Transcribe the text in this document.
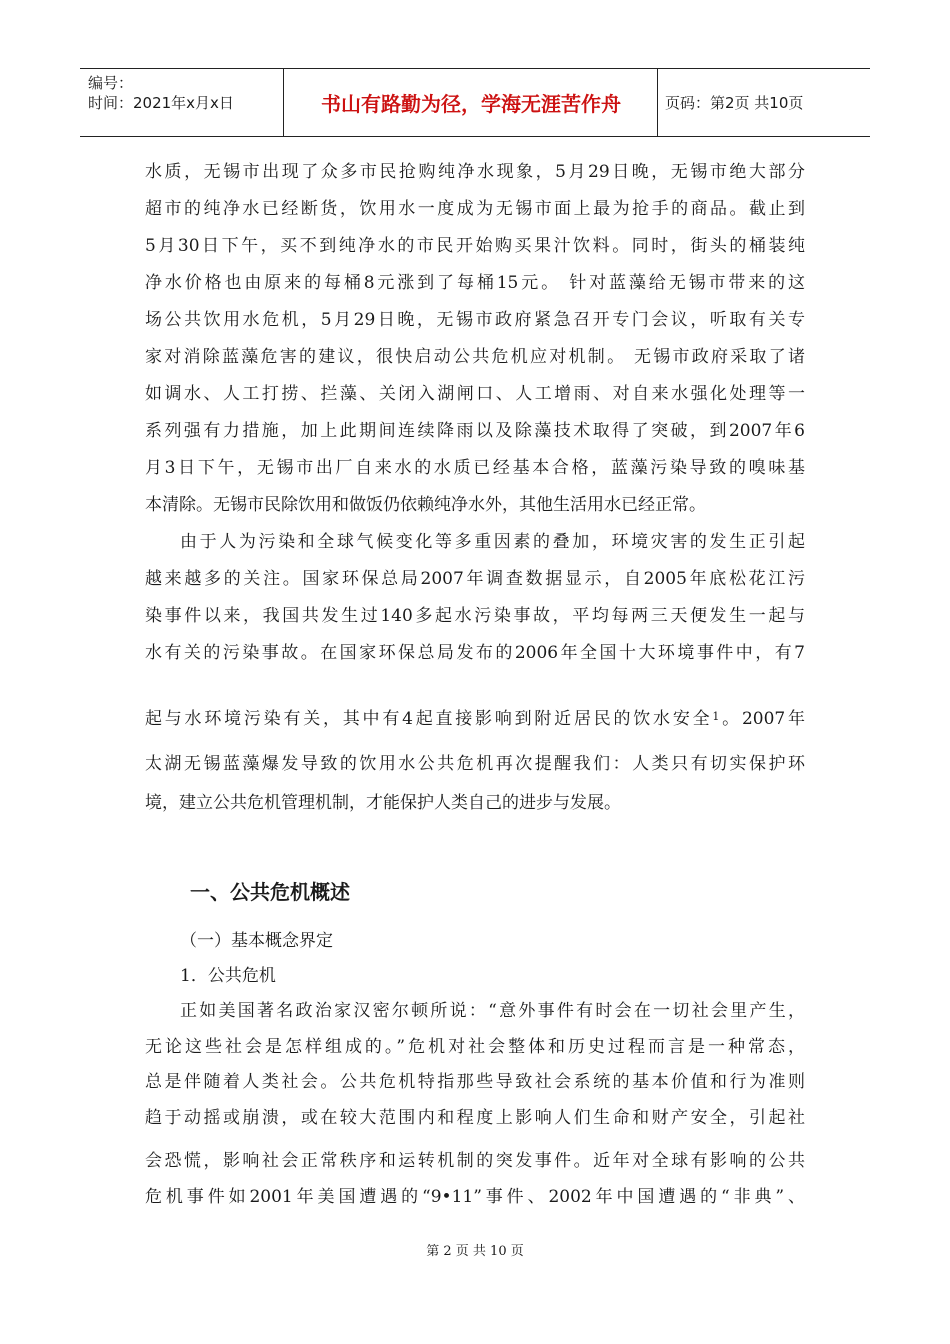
编号：
时间：2021年x月x日	书山有路勤为径，学海无涯苦作舟	页码：第2页 共10页
水质，无锡市出现了众多市民抢购纯净水现象，5月29日晚，无锡市绝大部分
超市的纯净水已经断货，饮用水一度成为无锡市面上最为抢手的商品。截止到
5月30日下午，买不到纯净水的市民开始购买果汁饮料。同时，街头的桶装纯
净水价格也由原来的每桶8元涨到了每桶15元。 针对蓝藻给无锡市带来的这
场公共饮用水危机，5月29日晚，无锡市政府紧急召开专门会议，听取有关专
家对消除蓝藻危害的建议，很快启动公共危机应对机制。 无锡市政府采取了诸
如调水、人工打捞、拦藻、关闭入湖闸口、人工增雨、对自来水强化处理等一
系列强有力措施，加上此期间连续降雨以及除藻技术取得了突破，到2007年6
月3日下午，无锡市出厂自来水的水质已经基本合格，蓝藻污染导致的嗅味基
本清除。无锡市民除饮用和做饭仍依赖纯净水外，其他生活用水已经正常。
由于人为污染和全球气候变化等多重因素的叠加，环境灾害的发生正引起
越来越多的关注。国家环保总局2007年调查数据显示，自2005年底松花江污
染事件以来，我国共发生过140多起水污染事故，平均每两三天便发生一起与
水有关的污染事故。在国家环保总局发布的2006年全国十大环境事件中，有7
起与水环境污染有关，其中有4起直接影响到附近居民的饮水安全$^1$。2007年
太湖无锡蓝藻爆发导致的饮用水公共危机再次提醒我们：人类只有切实保护环
境，建立公共危机管理机制，才能保护人类自己的进步与发展。
一、公共危机概述
（一）基本概念界定
1．公共危机
正如美国著名政治家汉密尔顿所说：“意外事件有时会在一切社会里产生，
无论这些社会是怎样组成的。”危机对社会整体和历史过程而言是一种常态，
总是伴随着人类社会。公共危机特指那些导致社会系统的基本价值和行为准则
趋于动摇或崩溃，或在较大范围内和程度上影响人们生命和财产安全，引起社
会恐慌，影响社会正常秩序和运转机制的突发事件。近年对全球有影响的公共
危机事件如2001年美国遭遇的“9•11”事件、2002年中国遭遇的“非典”、
第 2 页 共 10 页
